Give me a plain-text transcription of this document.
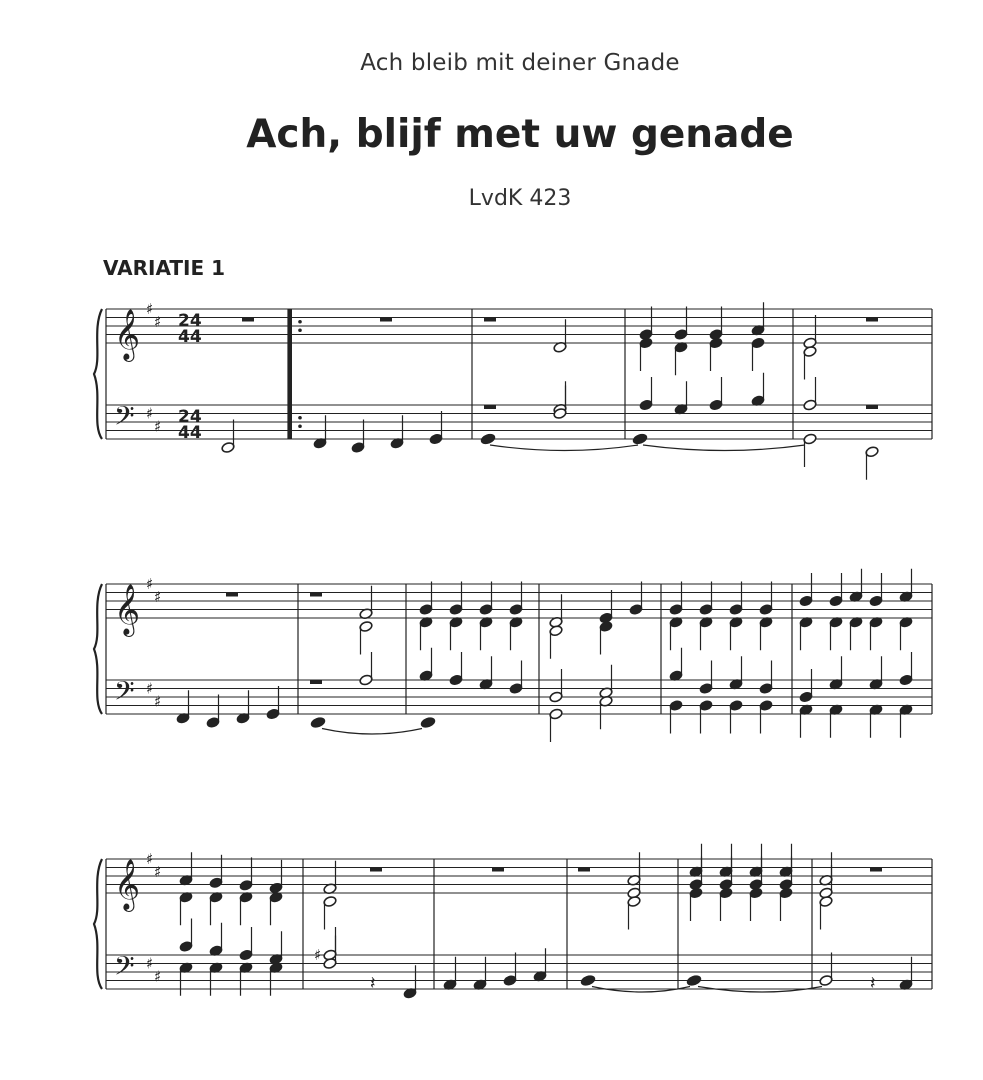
Ach bleib mit deiner Gnade
Ach, blijf met uw genade
LvdK 423
VARIATIE 1
𝄞
𝄢
♯
♯
♯
♯
24
44
24
44
𝄞
𝄢
♯
♯
♯
♯
𝄞
𝄢
♯
♯
♯
♯
♯
𝄽	𝄽
